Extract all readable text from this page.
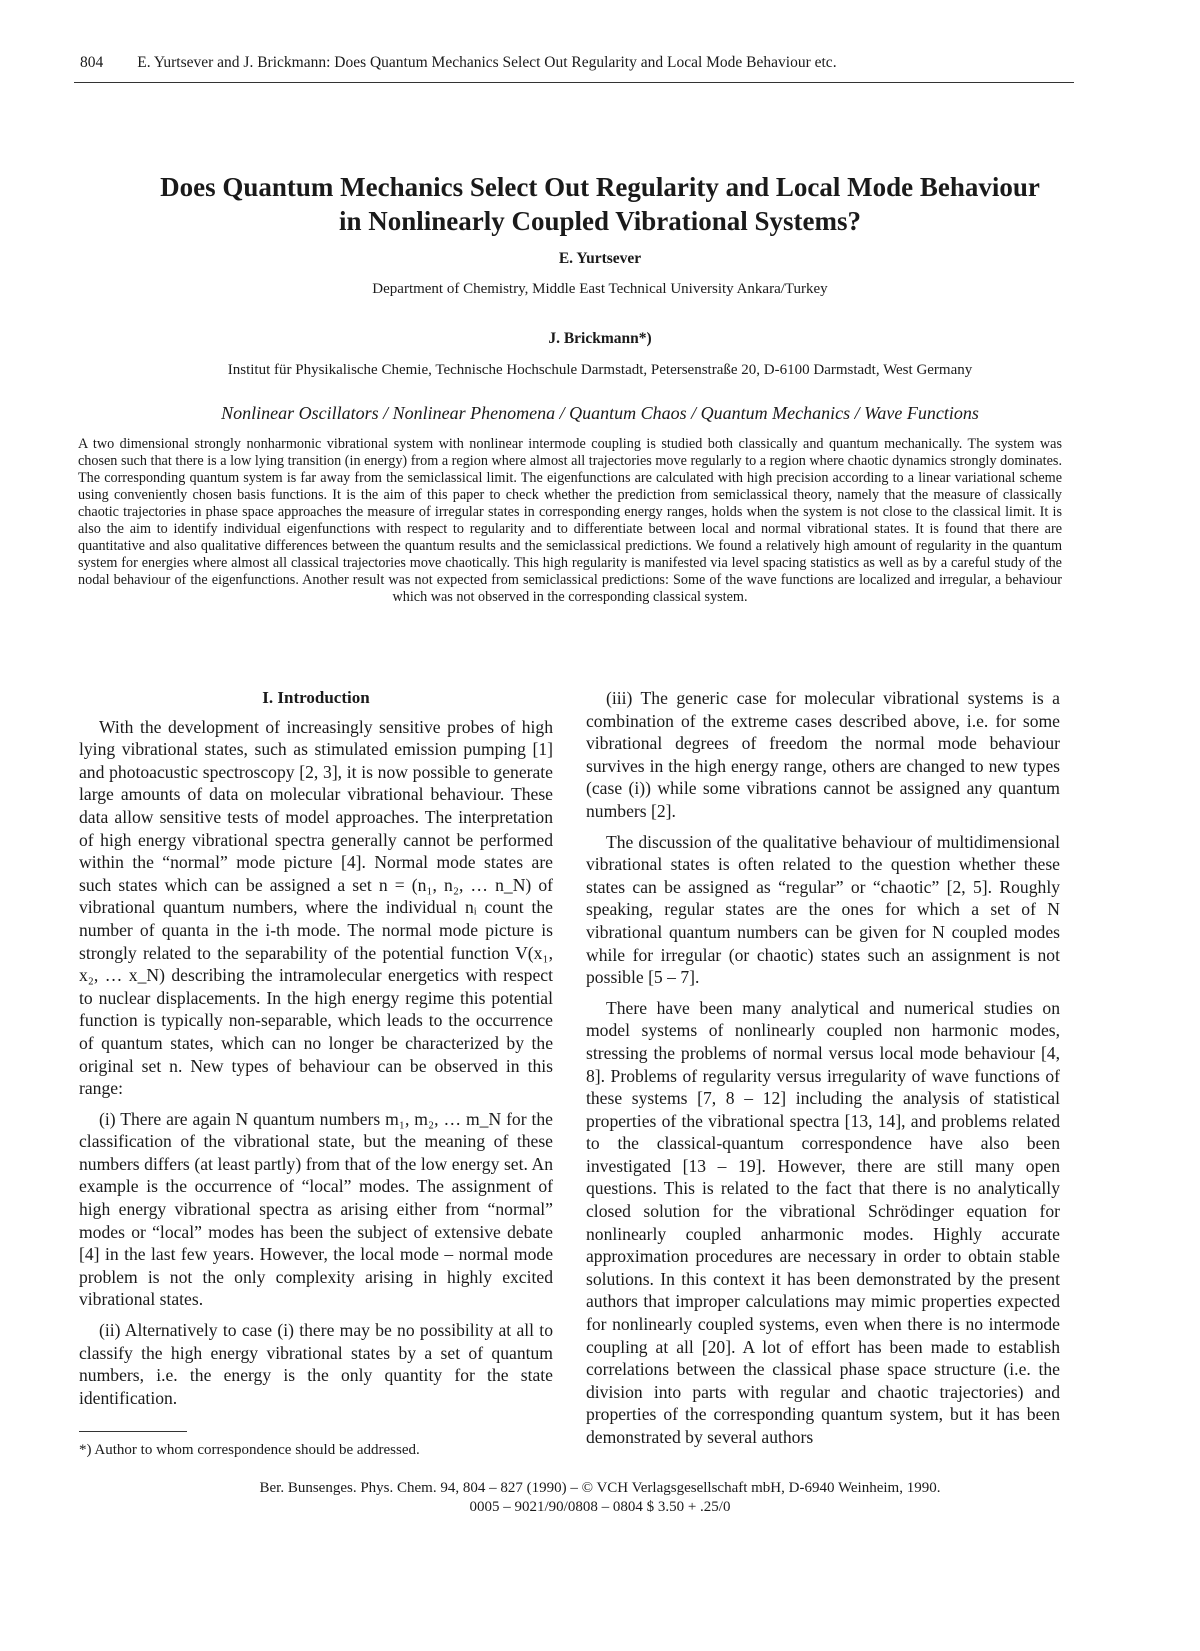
804 E. Yurtsever and J. Brickmann: Does Quantum Mechanics Select Out Regularity and Local Mode Behaviour etc.
Does Quantum Mechanics Select Out Regularity and Local Mode Behaviour
in Nonlinearly Coupled Vibrational Systems?
E. Yurtsever
Department of Chemistry, Middle East Technical University Ankara/Turkey
J. Brickmann*)
Institut für Physikalische Chemie, Technische Hochschule Darmstadt, Petersenstraße 20, D-6100 Darmstadt, West Germany
Nonlinear Oscillators / Nonlinear Phenomena / Quantum Chaos / Quantum Mechanics / Wave Functions
A two dimensional strongly nonharmonic vibrational system with nonlinear intermode coupling is studied both classically and quantum mechanically. The system was chosen such that there is a low lying transition (in energy) from a region where almost all trajectories move regularly to a region where chaotic dynamics strongly dominates. The corresponding quantum system is far away from the semiclassical limit. The eigenfunctions are calculated with high precision according to a linear variational scheme using conveniently chosen basis functions. It is the aim of this paper to check whether the prediction from semiclassical theory, namely that the measure of classically chaotic trajectories in phase space approaches the measure of irregular states in corresponding energy ranges, holds when the system is not close to the classical limit. It is also the aim to identify individual eigenfunctions with respect to regularity and to differentiate between local and normal vibrational states. It is found that there are quantitative and also qualitative differences between the quantum results and the semiclassical predictions. We found a relatively high amount of regularity in the quantum system for energies where almost all classical trajectories move chaotically. This high regularity is manifested via level spacing statistics as well as by a careful study of the nodal behaviour of the eigenfunctions. Another result was not expected from semiclassical predictions: Some of the wave functions are localized and irregular, a behaviour which was not observed in the corresponding classical system.
I. Introduction

With the development of increasingly sensitive probes of high lying vibrational states, such as stimulated emission pumping [1] and photoacustic spectroscopy [2, 3], it is now possible to generate large amounts of data on molecular vibrational behaviour. These data allow sensitive tests of model approaches. The interpretation of high energy vibrational spectra generally cannot be performed within the “normal” mode picture [4]. Normal mode states are such states which can be assigned a set n = (n₁, n₂, … n_N) of vibrational quantum numbers, where the individual nᵢ count the number of quanta in the i-th mode. The normal mode picture is strongly related to the separability of the potential function V(x₁, x₂, … x_N) describing the intramolecular energetics with respect to nuclear displacements. In the high energy regime this potential function is typically non-separable, which leads to the occurrence of quantum states, which can no longer be characterized by the original set n. New types of behaviour can be observed in this range:

(i) There are again N quantum numbers m₁, m₂, … m_N for the classification of the vibrational state, but the meaning of these numbers differs (at least partly) from that of the low energy set. An example is the occurrence of “local” modes. The assignment of high energy vibrational spectra as arising either from “normal” modes or “local” modes has been the subject of extensive debate [4] in the last few years. However, the local mode – normal mode problem is not the only complexity arising in highly excited vibrational states.

(ii) Alternatively to case (i) there may be no possibility at all to classify the high energy vibrational states by a set of quantum numbers, i.e. the energy is the only quantity for the state identification.

(iii) The generic case for molecular vibrational systems is a combination of the extreme cases described above, i.e. for some vibrational degrees of freedom the normal mode behaviour survives in the high energy range, others are changed to new types (case (i)) while some vibrations cannot be assigned any quantum numbers [2].

The discussion of the qualitative behaviour of multidimensional vibrational states is often related to the question whether these states can be assigned as “regular” or “chaotic” [2, 5]. Roughly speaking, regular states are the ones for which a set of N vibrational quantum numbers can be given for N coupled modes while for irregular (or chaotic) states such an assignment is not possible [5 – 7].

There have been many analytical and numerical studies on model systems of nonlinearly coupled non harmonic modes, stressing the problems of normal versus local mode behaviour [4, 8]. Problems of regularity versus irregularity of wave functions of these systems [7, 8 – 12] including the analysis of statistical properties of the vibrational spectra [13, 14], and problems related to the classical-quantum correspondence have also been investigated [13 – 19]. However, there are still many open questions. This is related to the fact that there is no analytically closed solution for the vibrational Schrödinger equation for nonlinearly coupled anharmonic modes. Highly accurate approximation procedures are necessary in order to obtain stable solutions. In this context it has been demonstrated by the present authors that improper calculations may mimic properties expected for nonlinearly coupled systems, even when there is no intermode coupling at all [20]. A lot of effort has been made to establish correlations between the classical phase space structure (i.e. the division into parts with regular and chaotic trajectories) and properties of the corresponding quantum system, but it has been demonstrated by several authors

*) Author to whom correspondence should be addressed.
Ber. Bunsenges. Phys. Chem. 94, 804 – 827 (1990) – © VCH Verlagsgesellschaft mbH, D-6940 Weinheim, 1990.
0005 – 9021/90/0808 – 0804 $ 3.50 + .25/0
